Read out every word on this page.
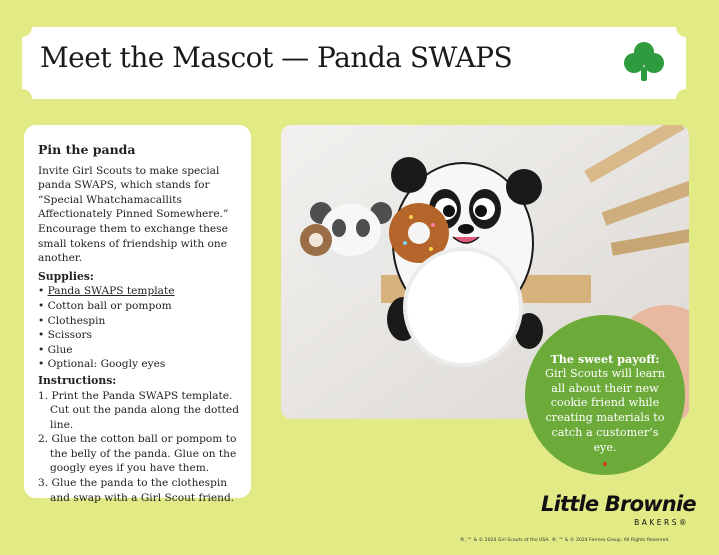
Meet the Mascot — Panda SWAPS
Pin the panda

Invite Girl Scouts to make special panda SWAPS, which stands for “Special Whatchamacallits Affectionately Pinned Somewhere.” Encourage them to exchange these small tokens of friendship with one another.

Supplies:
• Panda SWAPS template
• Cotton ball or pompom
• Clothespin
• Scissors
• Glue
• Optional: Googly eyes
Instructions:
1. Print the Panda SWAPS template. Cut out the panda along the dotted line.
2. Glue the cotton ball or pompom to the belly of the panda. Glue on the googly eyes if you have them.
3. Glue the panda to the clothespin and swap with a Girl Scout friend.
The sweet payoff:
Girl Scouts will learn all about their new cookie friend while creating materials to catch a customer’s eye.
Little Brownie
BAKERS®
®, ™ & © 2024 Girl Scouts of the USA. ®, ™ & © 2024 Ferrero Group. All Rights Reserved.
